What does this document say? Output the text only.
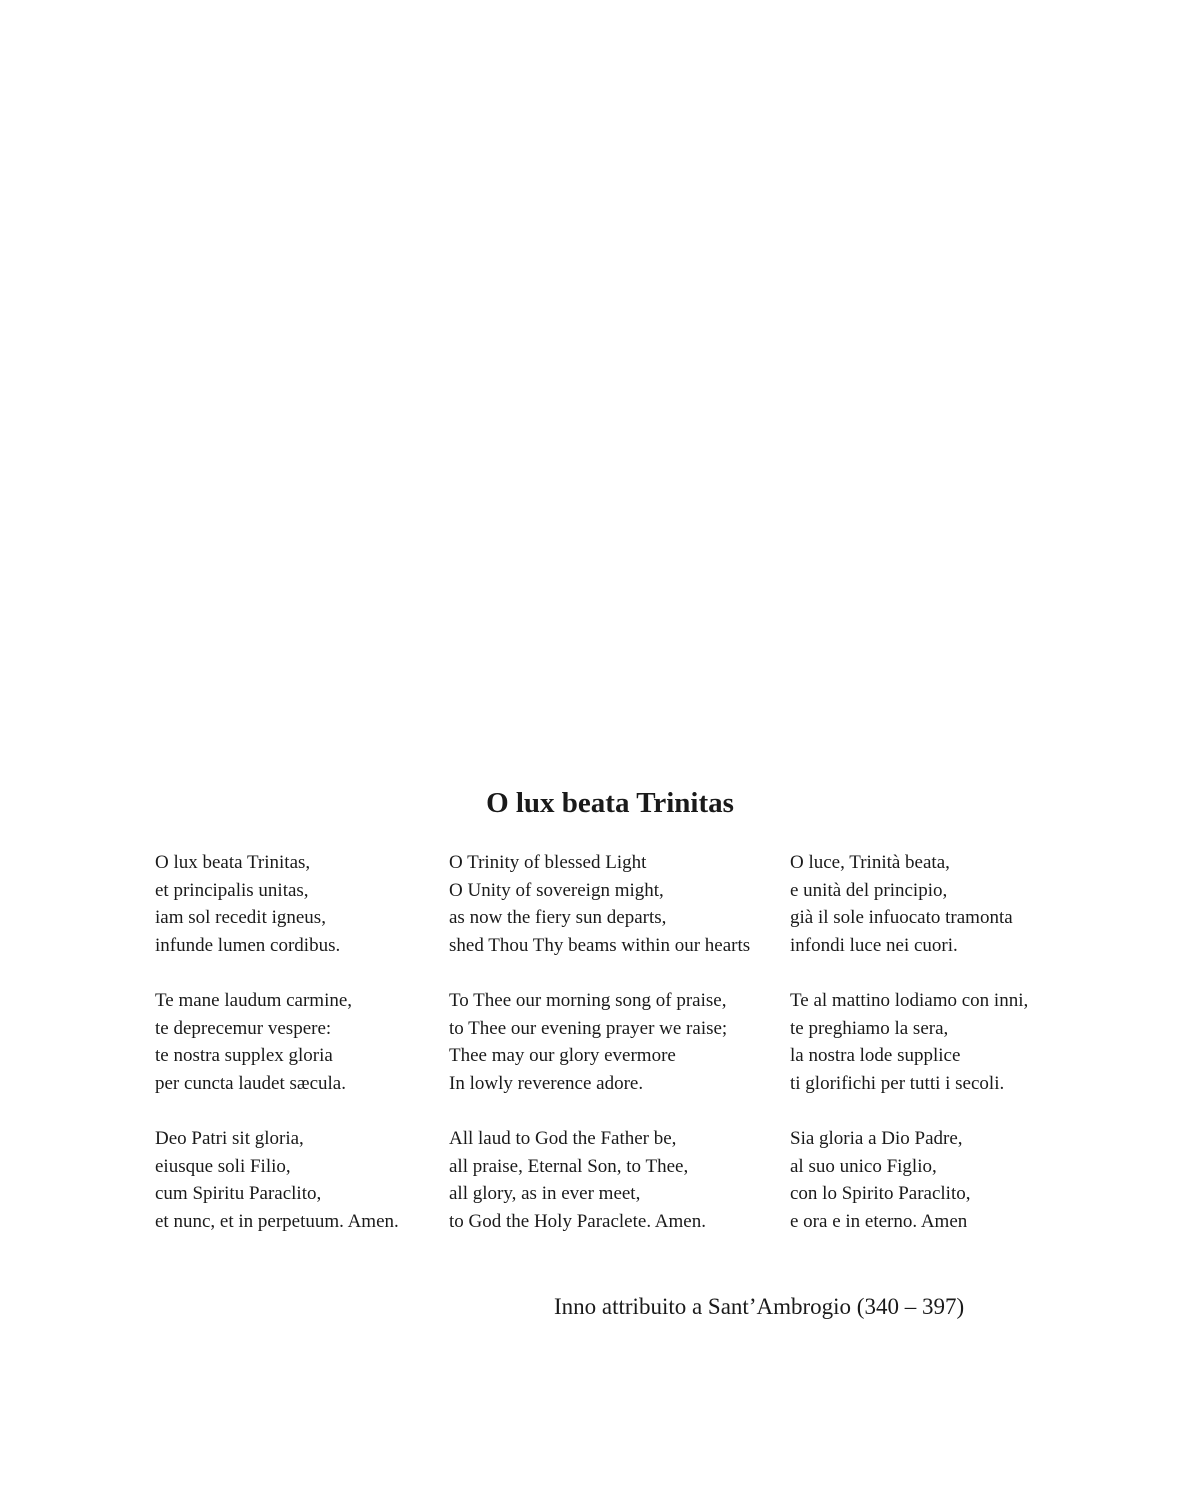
O lux beata Trinitas
O lux beata Trinitas,
et principalis unitas,
iam sol recedit igneus,
infunde lumen cordibus.
Te mane laudum carmine,
te deprecemur vespere:
te nostra supplex gloria
per cuncta laudet sæcula.
Deo Patri sit gloria,
eiusque soli Filio,
cum Spiritu Paraclito,
et nunc, et in perpetuum. Amen.
O Trinity of blessed Light
O Unity of sovereign might,
as now the fiery sun departs,
shed Thou Thy beams within our hearts
To Thee our morning song of praise,
to Thee our evening prayer we raise;
Thee may our glory evermore
In lowly reverence adore.
All laud to God the Father be,
all praise, Eternal Son, to Thee,
all glory, as in ever meet,
to God the Holy Paraclete. Amen.
O luce, Trinità beata,
e unità del principio,
già il sole infuocato tramonta
infondi luce nei cuori.
Te al mattino lodiamo con inni,
te preghiamo la sera,
la nostra lode supplice
ti glorifichi per tutti i secoli.
Sia gloria a Dio Padre,
al suo unico Figlio,
con lo Spirito Paraclito,
e ora e in eterno. Amen
Inno attribuito a Sant’Ambrogio (340 – 397)
